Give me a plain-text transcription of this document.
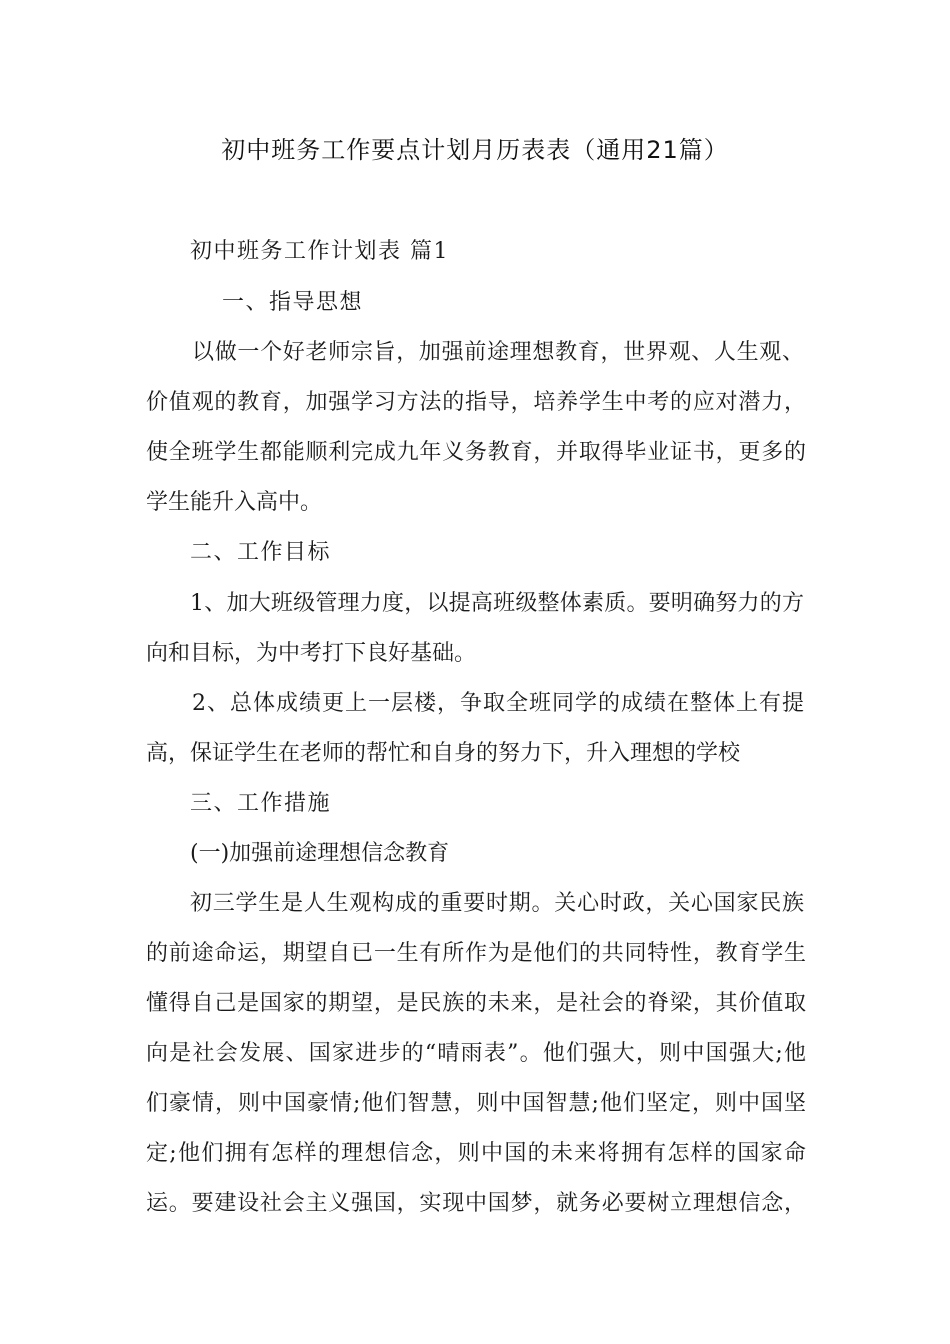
初中班务工作要点计划月历表表（通用21篇）
初中班务工作计划表 篇1
一、指导思想
以做一个好老师宗旨，加强前途理想教育，世界观、人生观、
价值观的教育，加强学习方法的指导，培养学生中考的应对潜力，
使全班学生都能顺利完成九年义务教育，并取得毕业证书，更多的
学生能升入高中。
二、工作目标
1、加大班级管理力度，以提高班级整体素质。要明确努力的方
向和目标，为中考打下良好基础。
2、总体成绩更上一层楼，争取全班同学的成绩在整体上有提
高，保证学生在老师的帮忙和自身的努力下，升入理想的学校
三、工作措施
(一)加强前途理想信念教育
初三学生是人生观构成的重要时期。关心时政，关心国家民族
的前途命运，期望自已一生有所作为是他们的共同特性，教育学生
懂得自己是国家的期望，是民族的未来，是社会的脊梁，其价值取
向是社会发展、国家进步的“晴雨表”。他们强大，则中国强大;他
们豪情，则中国豪情;他们智慧，则中国智慧;他们坚定，则中国坚
定;他们拥有怎样的理想信念，则中国的未来将拥有怎样的国家命
运。要建设社会主义强国，实现中国梦，就务必要树立理想信念，
